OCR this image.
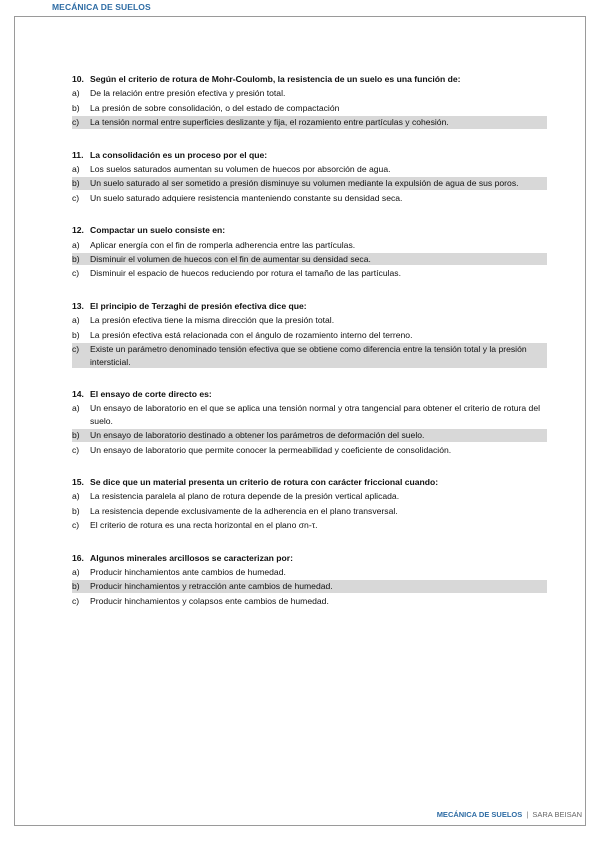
MECÁNICA DE SUELOS
10. Según el criterio de rotura de Mohr-Coulomb, la resistencia de un suelo es una función de:
a) De la relación entre presión efectiva y presión total.
b) La presión de sobre consolidación, o del estado de compactación
c) La tensión normal entre superficies deslizante y fija, el rozamiento entre partículas y cohesión.
11. La consolidación es un proceso por el que:
a) Los suelos saturados aumentan su volumen de huecos por absorción de agua.
b) Un suelo saturado al ser sometido a presión disminuye su volumen mediante la expulsión de agua de sus poros.
c) Un suelo saturado adquiere resistencia manteniendo constante su densidad seca.
12. Compactar un suelo consiste en:
a) Aplicar energía con el fin de romperla adherencia entre las partículas.
b) Disminuir el volumen de huecos con el fin de aumentar su densidad seca.
c) Disminuir el espacio de huecos reduciendo por rotura el tamaño de las partículas.
13. El principio de Terzaghi de presión efectiva dice que:
a) La presión efectiva tiene la misma dirección que la presión total.
b) La presión efectiva está relacionada con el ángulo de rozamiento interno del terreno.
c) Existe un parámetro denominado tensión efectiva que se obtiene como diferencia entre la tensión total y la presión intersticial.
14. El ensayo de corte directo es:
a) Un ensayo de laboratorio en el que se aplica una tensión normal y otra tangencial para obtener el criterio de rotura del suelo.
b) Un ensayo de laboratorio destinado a obtener los parámetros de deformación del suelo.
c) Un ensayo de laboratorio que permite conocer la permeabilidad y coeficiente de consolidación.
15. Se dice que un material presenta un criterio de rotura con carácter friccional cuando:
a) La resistencia paralela al plano de rotura depende de la presión vertical aplicada.
b) La resistencia depende exclusivamente de la adherencia en el plano transversal.
c) El criterio de rotura es una recta horizontal en el plano σn-τ.
16. Algunos minerales arcillosos se caracterizan por:
a) Producir hinchamientos ante cambios de humedad.
b) Producir hinchamientos y retracción ante cambios de humedad.
c) Producir hinchamientos y colapsos ente cambios de humedad.
MECÁNICA DE SUELOS | SARA BEISAN
